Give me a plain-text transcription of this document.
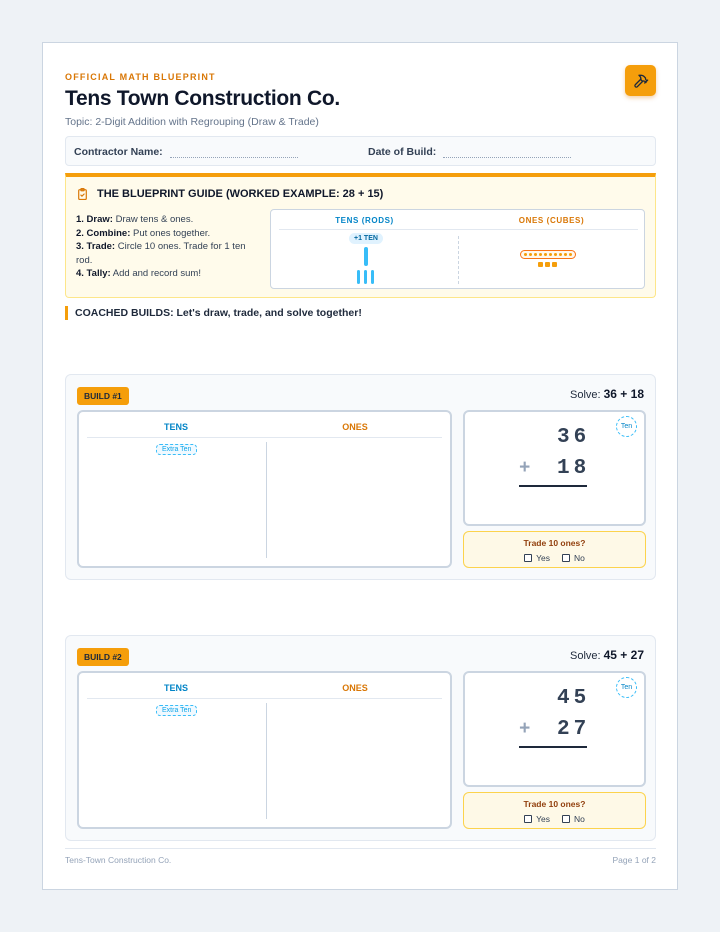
OFFICIAL MATH BLUEPRINT
Tens Town Construction Co.
Topic: 2-Digit Addition with Regrouping (Draw & Trade)
Contractor Name:	Date of Build:
THE BLUEPRINT GUIDE (WORKED EXAMPLE: 28 + 15)
1. Draw: Draw tens & ones.
2. Combine: Put ones together.
3. Trade: Circle 10 ones. Trade for 1 ten rod.
4. Tally: Add and record sum!
TENS (RODS)	ONES (CUBES)
+1 TEN
COACHED BUILDS: Let's draw, trade, and solve together!
BUILD #1	Solve: 36 + 18
TENS	ONES
Extra Ten
Ten
36
+ 18
Trade 10 ones?
Yes	No
BUILD #2	Solve: 45 + 27
TENS	ONES
Extra Ten
Ten
45
+ 27
Trade 10 ones?
Yes	No
Tens-Town Construction Co.	Page 1 of 2
